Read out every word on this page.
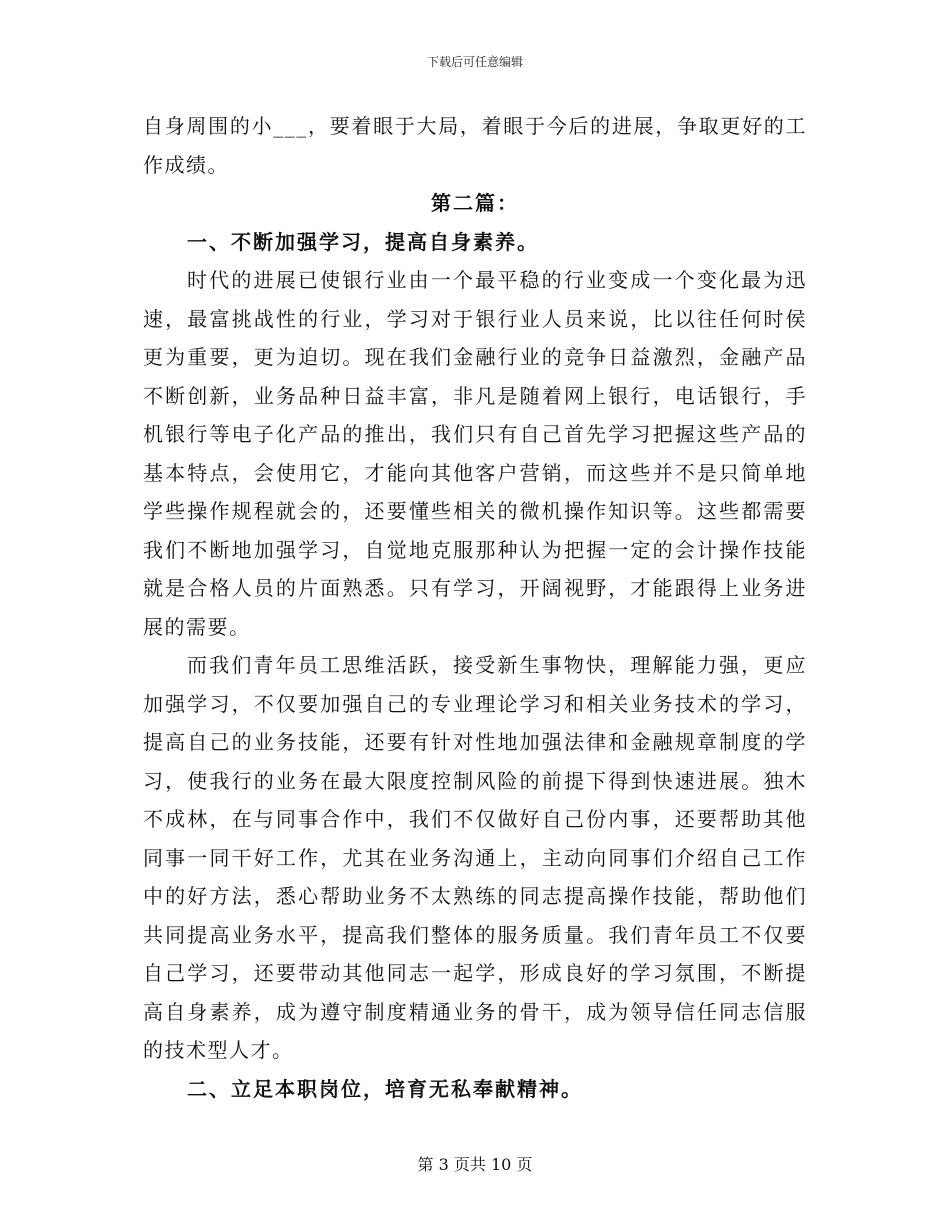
下载后可任意编辑

自身周围的小___，要着眼于大局，着眼于今后的进展，争取更好的工作成绩。

第二篇：

一、不断加强学习，提高自身素养。

时代的进展已使银行业由一个最平稳的行业变成一个变化最为迅速，最富挑战性的行业，学习对于银行业人员来说，比以往任何时侯更为重要，更为迫切。现在我们金融行业的竞争日益激烈，金融产品不断创新，业务品种日益丰富，非凡是随着网上银行，电话银行，手机银行等电子化产品的推出，我们只有自己首先学习把握这些产品的基本特点，会使用它，才能向其他客户营销，而这些并不是只简单地学些操作规程就会的，还要懂些相关的微机操作知识等。这些都需要我们不断地加强学习，自觉地克服那种认为把握一定的会计操作技能就是合格人员的片面熟悉。只有学习，开阔视野，才能跟得上业务进展的需要。

而我们青年员工思维活跃，接受新生事物快，理解能力强，更应加强学习，不仅要加强自己的专业理论学习和相关业务技术的学习，提高自己的业务技能，还要有针对性地加强法律和金融规章制度的学习，使我行的业务在最大限度控制风险的前提下得到快速进展。独木不成林，在与同事合作中，我们不仅做好自己份内事，还要帮助其他同事一同干好工作，尤其在业务沟通上，主动向同事们介绍自己工作中的好方法，悉心帮助业务不太熟练的同志提高操作技能，帮助他们共同提高业务水平，提高我们整体的服务质量。我们青年员工不仅要自己学习，还要带动其他同志一起学，形成良好的学习氛围，不断提高自身素养，成为遵守制度精通业务的骨干，成为领导信任同志信服的技术型人才。

二、立足本职岗位，培育无私奉献精神。

第 3 页共 10 页
